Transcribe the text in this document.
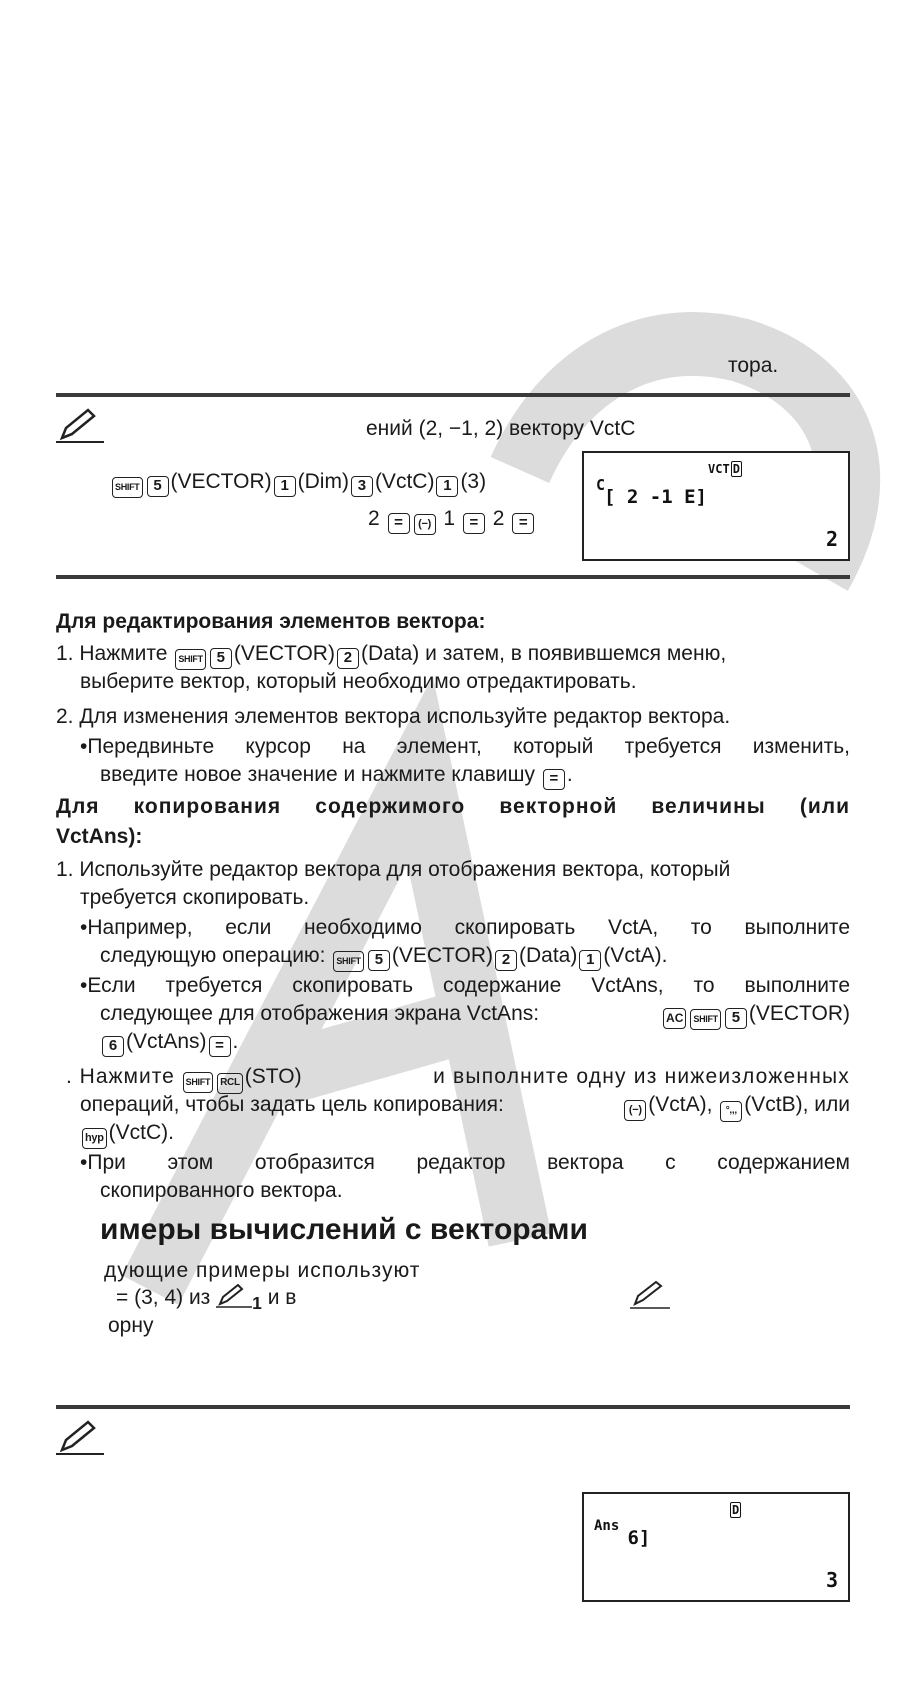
тора.
ений (2, −1, 2) вектору VctC
SHIFT 5 (VECTOR) 1 (Dim) 3 (VctC) 1 (3)
2 = (−) 1 = 2 =
VCT D
C
[ 2 -1 E]
2
Для редактирования элементов вектора:
1. Нажмите SHIFT 5 (VECTOR) 2 (Data) и затем, в появившемся меню,
выберите вектор, который необходимо отредактировать.
2. Для изменения элементов вектора используйте редактор вектора.
•Передвиньте курсор на элемент, который требуется изменить,
введите новое значение и нажмите клавишу = .
Для копирования содержимого векторной величины (или
VctAns):
1. Используйте редактор вектора для отображения вектора, который
требуется скопировать.
•Например, если необходимо скопировать VctA, то выполните
следующую операцию: SHIFT 5 (VECTOR) 2 (Data) 1 (VctA).
•Если требуется скопировать содержание VctAns, то выполните
следующее для отображения экрана VctAns:	AC SHIFT 5 (VECTOR)
6 (VctAns) = .
. Нажмите SHIFT RCL (STO)	и выполните одну из нижеизложенных
операций, чтобы задать цель копирования:	(−) (VctA), °,,, (VctB), или
hyp (VctC).
•При этом отобразится редактор вектора с содержанием
скопированного вектора.
имеры вычислений с векторами
дующие примеры используют
= (3, 4) из $_1$ и в
орну
D
Ans
6]
3
